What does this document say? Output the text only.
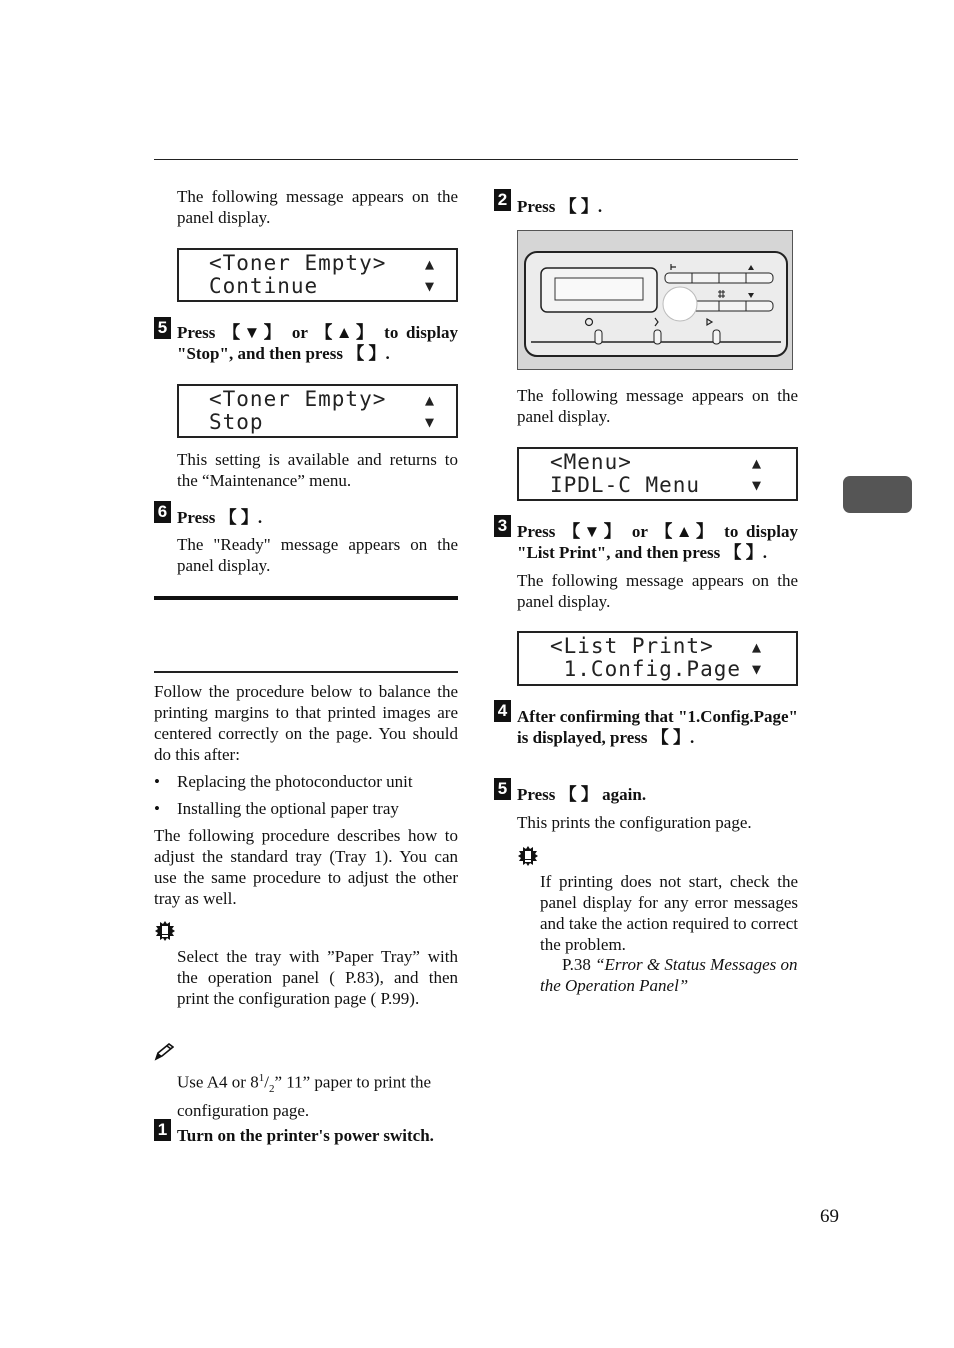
The following message appears on the panel display.
<Toner Empty>
Continue
▲
▼
5 Press 【▼】 or 【▲】 to display "Stop", and then press 【 】.
<Toner Empty>
Stop
▲
▼
This setting is available and returns to the “Maintenance” menu.
6 Press 【 】.
The "Ready" message appears on the panel display.
Follow the procedure below to balance the printing margins to that printed images are centered correctly on the page. You should do this after:
• Replacing the photoconductor unit
• Installing the optional paper tray
The following procedure describes how to adjust the standard tray (Tray 1). You can use the same procedure to adjust the other tray as well.
Select the tray with ”Paper Tray” with the operation panel ( P.83), and then print the configuration page ( P.99).
Use A4 or $8^1/_2$” 11” paper to print the configuration page.
1 Turn on the printer's power switch.
2 Press 【 】.
The following message appears on the panel display.
<Menu>
IPDL-C Menu
▲
▼
3 Press 【▼】 or 【▲】 to display "List Print", and then press 【 】.
The following message appears on the panel display.
<List Print>
1.Config.Page
▲
▼
4 After confirming that "1.Config.Page" is displayed, press 【 】.
5 Press 【 】 again.
This prints the configuration page.
If printing does not start, check the panel display for any error messages and take the action required to correct the problem.
P.38 “Error & Status Messages on the Operation Panel”
69
